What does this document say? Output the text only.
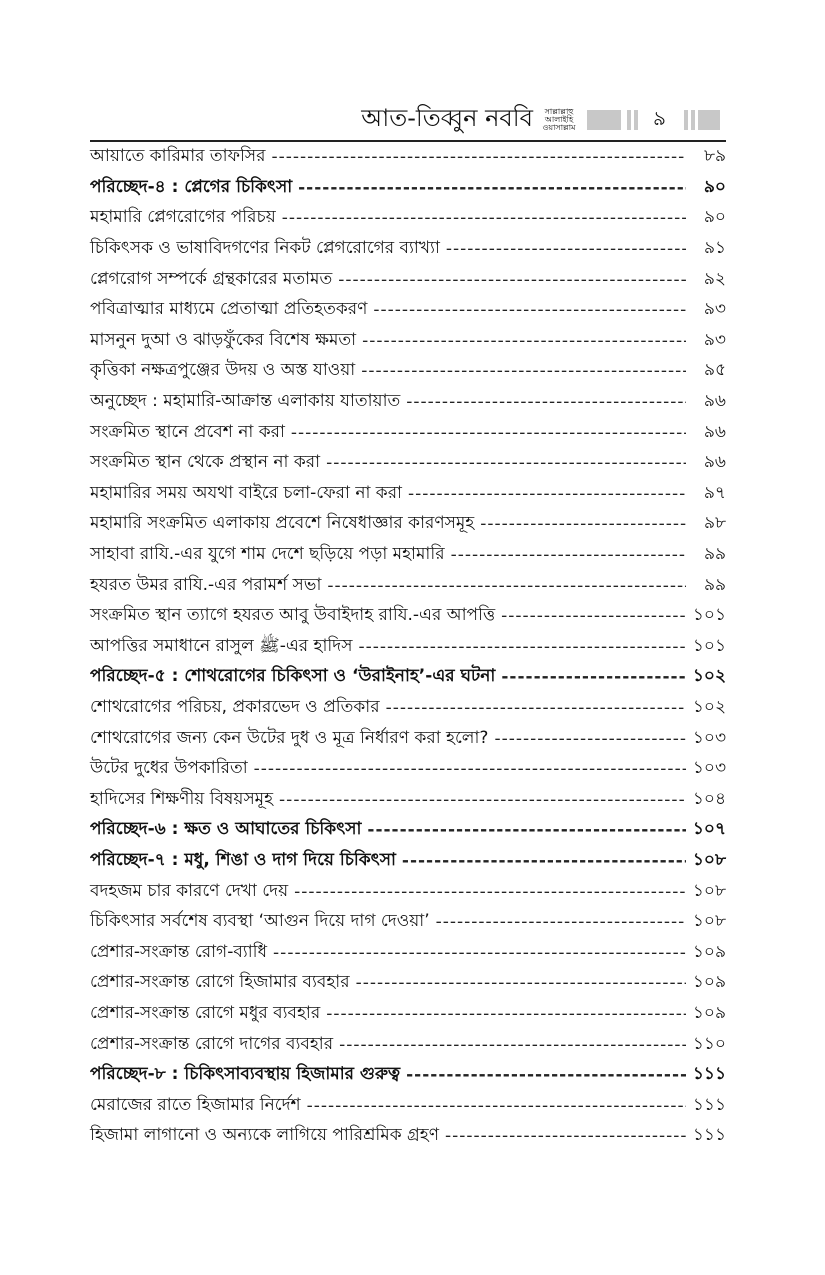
আত-তিব্বুন নববি	সাল্লাল্লাহু আলাইহি ওয়াসাল্লাম	৯
আয়াতে কারিমার তাফসির -----	৮৯
পরিচ্ছেদ-৪ : প্লেগের চিকিৎসা -----	৯০
মহামারি প্লেগরোগের পরিচয় -----	৯০
চিকিৎসক ও ভাষাবিদগণের নিকট প্লেগরোগের ব্যাখ্যা -----	৯১
প্লেগরোগ সম্পর্কে গ্রন্থকারের মতামত -----	৯২
পবিত্রাত্মার মাধ্যমে প্রেতাত্মা প্রতিহতকরণ -----	৯৩
মাসনুন দুআ ও ঝাড়ফুঁকের বিশেষ ক্ষমতা -----	৯৩
কৃত্তিকা নক্ষত্রপুঞ্জের উদয় ও অস্ত যাওয়া -----	৯৫
অনুচ্ছেদ : মহামারি-আক্রান্ত এলাকায় যাতায়াত -----	৯৬
সংক্রমিত স্থানে প্রবেশ না করা -----	৯৬
সংক্রমিত স্থান থেকে প্রস্থান না করা -----	৯৬
মহামারির সময় অযথা বাইরে চলা-ফেরা না করা -----	৯৭
মহামারি সংক্রমিত এলাকায় প্রবেশে নিষেধাজ্ঞার কারণসমূহ -----	৯৮
সাহাবা রাযি.-এর যুগে শাম দেশে ছড়িয়ে পড়া মহামারি -----	৯৯
হযরত উমর রাযি.-এর পরামর্শ সভা -----	৯৯
সংক্রমিত স্থান ত্যাগে হযরত আবু উবাইদাহ রাযি.-এর আপত্তি -----	১০১
আপত্তির সমাধানে রাসুল ﷺ-এর হাদিস -----	১০১
পরিচ্ছেদ-৫ : শোথরোগের চিকিৎসা ও ‘উরাইনাহ’-এর ঘটনা -----	১০২
শোথরোগের পরিচয়, প্রকারভেদ ও প্রতিকার -----	১০২
শোথরোগের জন্য কেন উটের দুধ ও মূত্র নির্ধারণ করা হলো? -----	১০৩
উটের দুধের উপকারিতা -----	১০৩
হাদিসের শিক্ষণীয় বিষয়সমূহ -----	১০৪
পরিচ্ছেদ-৬ : ক্ষত ও আঘাতের চিকিৎসা -----	১০৭
পরিচ্ছেদ-৭ : মধু, শিঙা ও দাগ দিয়ে চিকিৎসা -----	১০৮
বদহজম চার কারণে দেখা দেয় -----	১০৮
চিকিৎসার সর্বশেষ ব্যবস্থা ‘আগুন দিয়ে দাগ দেওয়া’ -----	১০৮
প্রেশার-সংক্রান্ত রোগ-ব্যাধি -----	১০৯
প্রেশার-সংক্রান্ত রোগে হিজামার ব্যবহার -----	১০৯
প্রেশার-সংক্রান্ত রোগে মধুর ব্যবহার -----	১০৯
প্রেশার-সংক্রান্ত রোগে দাগের ব্যবহার -----	১১০
পরিচ্ছেদ-৮ : চিকিৎসাব্যবস্থায় হিজামার গুরুত্ব -----	১১১
মেরাজের রাতে হিজামার নির্দেশ -----	১১১
হিজামা লাগানো ও অন্যকে লাগিয়ে পারিশ্রমিক গ্রহণ -----	১১১
